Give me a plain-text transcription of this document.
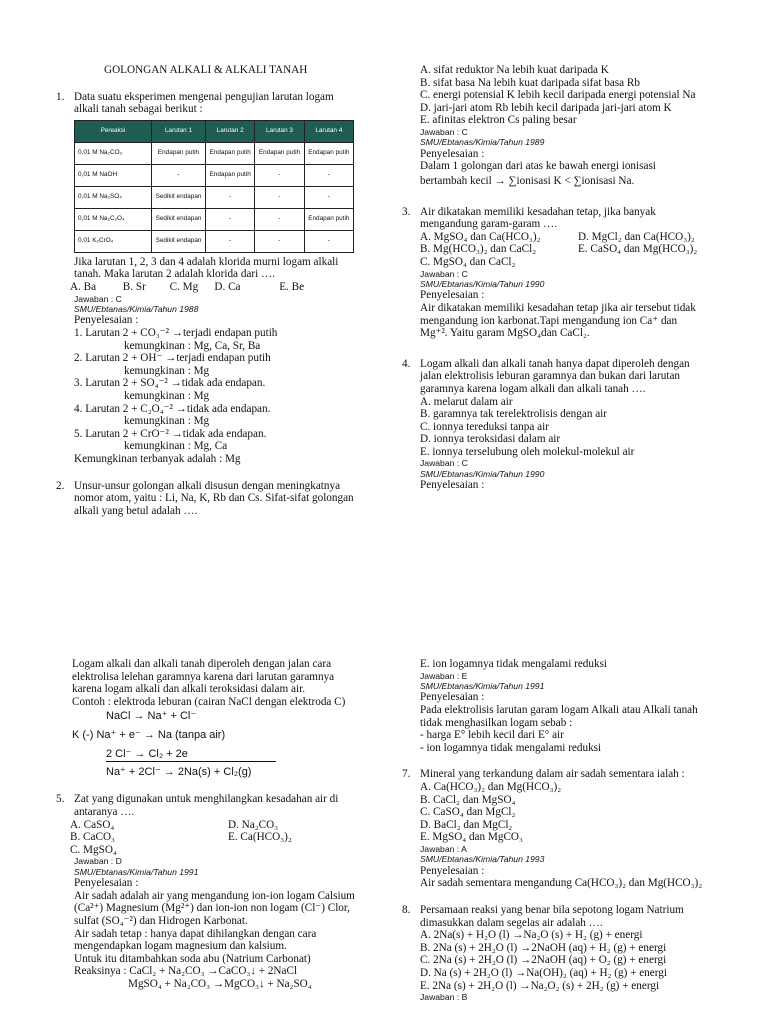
GOLONGAN ALKALI & ALKALI TANAH
1. Data suatu eksperimen mengenai pengujian larutan logam
alkali tanah sebagai berikut :
Pereaksi	Larutan 1	Larutan 2	Larutan 3	Larutan 4
0,01 M Na₂CO₃	Endapan putih	Endapan putih	Endapan putih	Endapan putih
0,01 M NaOH	-	Endapan putih	-	-
0,01 M Na₂SO₄	Sedikit endapan	-	-	-
0,01 M Na₂C₂O₄	Sedikit endapan	-	-	Endapan putih
0,01 K₂CrO₄	Sedikit endapan	-	-	-
Jika larutan 1, 2, 3 dan 4 adalah klorida murni logam alkali
tanah. Maka larutan 2 adalah klorida dari ….
A. Ba B. Sr C. Mg D. Ca	E. Be
Jawaban : C
SMU/Ebtanas/Kimia/Tahun 1988
Penyelesaian :
1. Larutan 2 + CO₃⁻² →terjadi endapan putih
kemungkinan : Mg, Ca, Sr, Ba
2. Larutan 2 + OH⁻ →terjadi endapan putih
kemungkinan : Mg
3. Larutan 2 + SO₄⁻² →tidak ada endapan.
kemungkinan : Mg
4. Larutan 2 + C₂O₄⁻² →tidak ada endapan.
kemungkinan : Mg
5. Larutan 2 + CrO⁻² →tidak ada endapan.
kemungkinan : Mg, Ca
Kemungkinan terbanyak adalah : Mg
2. Unsur-unsur golongan alkali disusun dengan meningkatnya
nomor atom, yaitu : Li, Na, K, Rb dan Cs. Sifat-sifat golongan
alkali yang betul adalah ….
A. sifat reduktor Na lebih kuat daripada K
B. sifat basa Na lebih kuat daripada sifat basa Rb
C. energi potensial K lebih kecil daripada energi potensial Na
D. jari-jari atom Rb lebih kecil daripada jari-jari atom K
E. afinitas elektron Cs paling besar
Jawaban : C
SMU/Ebtanas/Kimia/Tahun 1989
Penyelesaian :
Dalam 1 golongan dari atas ke bawah energi ionisasi
bertambah kecil → ∑ionisasi K < ∑ionisasi Na.
3. Air dikatakan memiliki kesadahan tetap, jika banyak
mengandung garam-garam ….
A. MgSO₄ dan Ca(HCO₃)₂	D. MgCl₂ dan Ca(HCO₃)₂
B. Mg(HCO₃)₂ dan CaCl₂	E. CaSO₄ dan Mg(HCO₃)₂
C. MgSO₄ dan CaCl₂
Jawaban : C
SMU/Ebtanas/Kimia/Tahun 1990
Penyelesaian :
Air dikatakan memiliki kesadahan tetap jika air tersebut tidak
mengandung ion karbonat.Tapi mengandung ion Ca⁺ dan
Mg⁺². Yaitu garam MgSO₄dan CaCl₂.
4. Logam alkali dan alkali tanah hanya dapat diperoleh dengan
jalan elektrolisis leburan garamnya dan bukan dari larutan
garamnya karena logam alkali dan alkali tanah ….
A. melarut dalam air
B. garamnya tak terelektrolisis dengan air
C. ionnya tereduksi tanpa air
D. ionnya teroksidasi dalam air
E. ionnya terselubung oleh molekul-molekul air
Jawaban : C
SMU/Ebtanas/Kimia/Tahun 1990
Penyelesaian :
Logam alkali dan alkali tanah diperoleh dengan jalan cara
elektrolisa lelehan garamnya karena dari larutan garamnya
karena logam alkali dan alkali teroksidasi dalam air.
Contoh : elektroda leburan (cairan NaCl dengan elektroda C)
NaCl → Na⁺ + Cl⁻
K (-) Na⁺ + e⁻ → Na (tanpa air)
2 Cl⁻ → Cl₂ + 2e
Na⁺ + 2Cl⁻ → 2Na(s) + Cl₂(g)
5. Zat yang digunakan untuk menghilangkan kesadahan air di
antaranya ….
A. CaSO₄	D. Na₂CO₃
B. CaCO₃	E. Ca(HCO₃)₂
C. MgSO₄
Jawaban : D
SMU/Ebtanas/Kimia/Tahun 1991
Penyelesaian :
Air sadah adalah air yang mengandung ion-ion logam Calsium
(Ca²⁺) Magnesium (Mg²⁺) dan ion-ion non logam (Cl⁻) Clor,
sulfat (SO₄⁻²) dan Hidrogen Karbonat.
Air sadah tetap : hanya dapat dihilangkan dengan cara
mengendapkan logam magnesium dan kalsium.
Untuk itu ditambahkan soda abu (Natrium Carbonat)
Reaksinya : CaCl₂ + Na₂CO₃ →CaCO₃↓ + 2NaCl
MgSO₄ + Na₂CO₃ →MgCO₃↓ + Na₂SO₄
E. ion logamnya tidak mengalami reduksi
Jawaban : E
SMU/Ebtanas/Kimia/Tahun 1991
Penyelesaian :
Pada elektrolisis larutan garam logam Alkali atau Alkali tanah
tidak menghasilkan logam sebab :
- harga E° lebih kecil dari E° air
- ion logamnya tidak mengalami reduksi
7. Mineral yang terkandung dalam air sadah sementara ialah :
A. Ca(HCO₃)₂ dan Mg(HCO₃)₂
B. CaCl₂ dan MgSO₄
C. CaSO₄ dan MgCl₂
D. BaCl₂ dan MgCl₂
E. MgSO₄ dan MgCO₃
Jawaban : A
SMU/Ebtanas/Kimia/Tahun 1993
Penyelesaian :
Air sadah sementara mengandung Ca(HCO₃)₂ dan Mg(HCO₃)₂
8. Persamaan reaksi yang benar bila sepotong logam Natrium
dimasukkan dalam segelas air adalah ….
A. 2Na(s) + H₂O (l) →Na₂O (s) + H₂ (g) + energi
B. 2Na (s) + 2H₂O (l) →2NaOH (aq) + H₂ (g) + energi
C. 2Na (s) + 2H₂O (l) →2NaOH (aq) + O₂ (g) + energi
D. Na (s) + 2H₂O (l) →Na(OH)₂ (aq) + H₂ (g) + energi
E. 2Na (s) + 2H₂O (l) →Na₂O₂ (s) + 2H₂ (g) + energi
Jawaban : B
